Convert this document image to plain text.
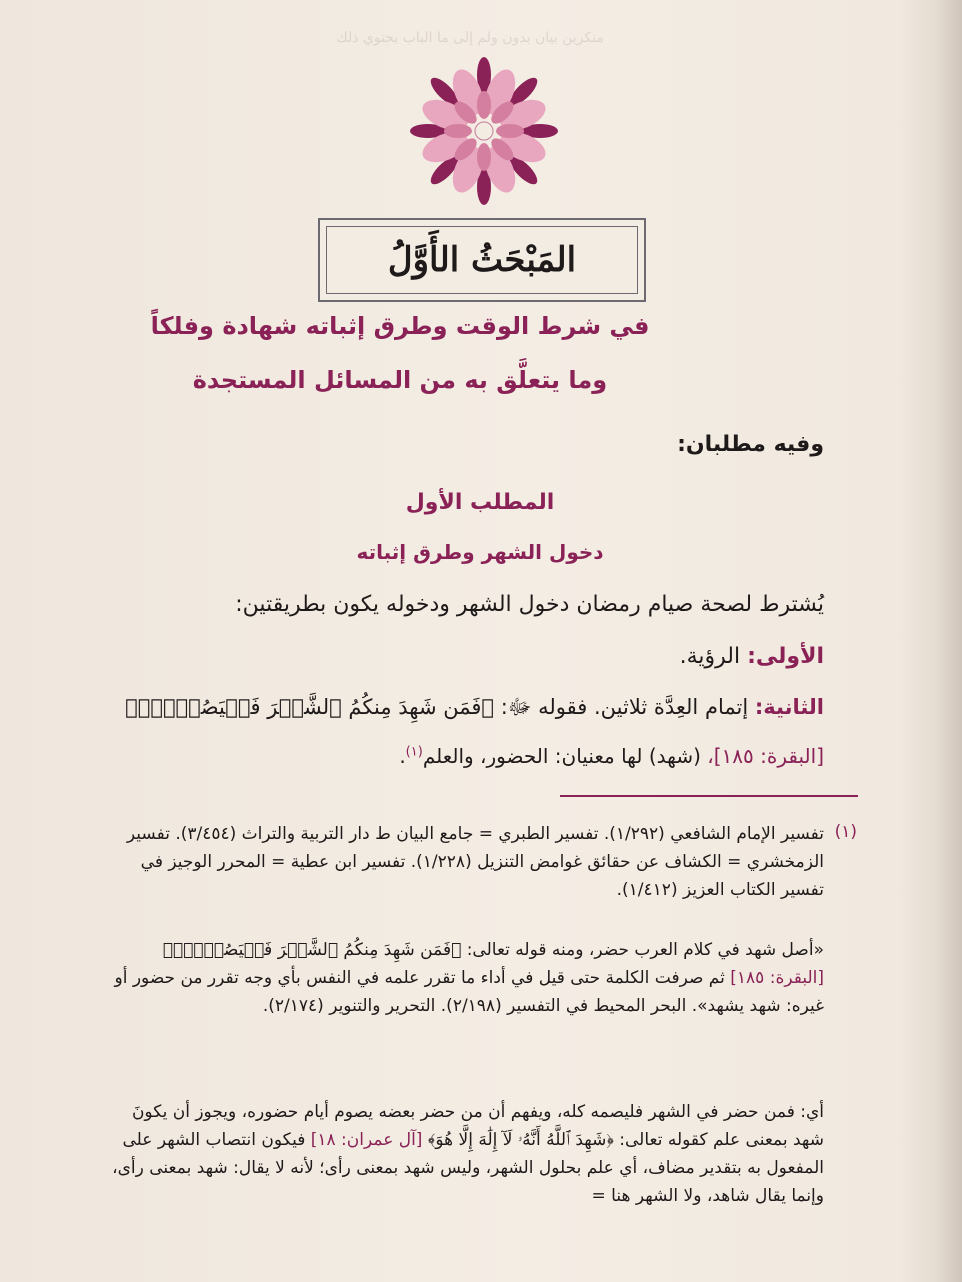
منكرين بيان بدون ولم إلى ما الباب يحتوي ذلك
المَبْحَثُ الأَوَّلُ
في شرط الوقت وطرق إثباته شهادة وفلكاً
وما يتعلَّق به من المسائل المستجدة
وفيه مطلبان:
المطلب الأول
دخول الشهر وطرق إثباته
يُشترط لصحة صيام رمضان دخول الشهر ودخوله يكون بطريقتين:
الأولى: الرؤية.
الثانية: إتمام العِدَّة ثلاثين. فقوله ﷻ: ﴿فَمَن شَهِدَ مِنكُمُ ٱلشَّهۡرَ فَلۡيَصُمۡهُۖ﴾
[البقرة: ١٨٥]، (شهد) لها معنيان: الحضور، والعلم$^{(١)}$.
(١)
تفسير الإمام الشافعي (١/٢٩٢). تفسير الطبري = جامع البيان ط دار التربية والتراث (٣/٤٥٤). تفسير الزمخشري = الكشاف عن حقائق غوامض التنزيل (١/٢٢٨). تفسير ابن عطية = المحرر الوجيز في تفسير الكتاب العزيز (١/٤١٢).
«أصل شهد في كلام العرب حضر، ومنه قوله تعالى: ﴿فَمَن شَهِدَ مِنكُمُ ٱلشَّهۡرَ فَلۡيَصُمۡهُۖ﴾ [البقرة: ١٨٥] ثم صرفت الكلمة حتى قيل في أداء ما تقرر علمه في النفس بأي وجه تقرر من حضور أو غيره: شهد يشهد». البحر المحيط في التفسير (٢/١٩٨). التحرير والتنوير (٢/١٧٤).
أي: فمن حضر في الشهر فليصمه كله، ويفهم أن من حضر بعضه يصوم أيام حضوره، ويجوز أن يكونَ شهد بمعنى علم كقوله تعالى: ﴿شَهِدَ ٱللَّهُ أَنَّهُۥ لَآ إِلَٰهَ إِلَّا هُوَ﴾ [آل عمران: ١٨] فيكون انتصاب الشهر على المفعول به بتقدير مضاف، أي علم بحلول الشهر، وليس شهد بمعنى رأى؛ لأنه لا يقال: شهد بمعنى رأى، وإنما يقال شاهد، ولا الشهر هنا =
